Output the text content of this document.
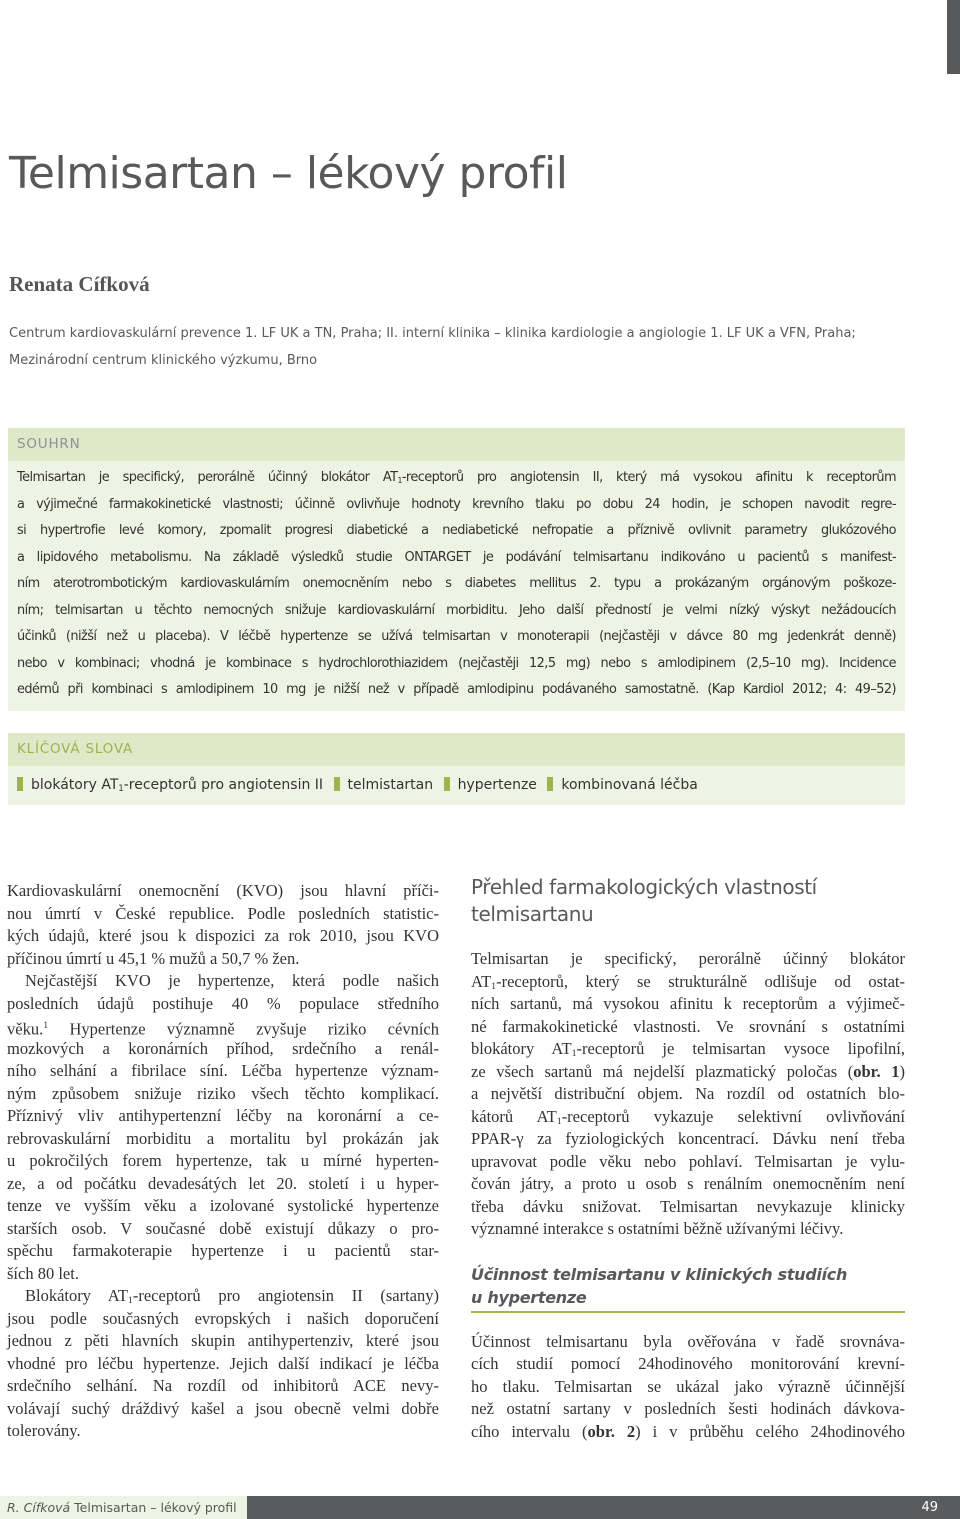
Telmisartan – lékový profil
Renata Cífková
Centrum kardiovaskulární prevence 1. LF UK a TN, Praha; II. interní klinika – klinika kardiologie a angiologie 1. LF UK a VFN, Praha;
Mezinárodní centrum klinického výzkumu, Brno
SOUHRN
Telmisartan je specifický, perorálně účinný blokátor $AT_1$-receptorů pro angiotensin II, který má vysokou afinitu k receptorům
a výjimečné farmakokinetické vlastnosti; účinně ovlivňuje hodnoty krevního tlaku po dobu 24 hodin, je schopen navodit regre-
si hypertrofie levé komory, zpomalit progresi diabetické a nediabetické nefropatie a příznivě ovlivnit parametry glukózového
a lipidového metabolismu. Na základě výsledků studie ONTARGET je podávání telmisartanu indikováno u pacientů s manifest-
ním aterotrombotickým kardiovaskulárním onemocněním nebo s diabetes mellitus 2. typu a prokázaným orgánovým poškoze-
ním; telmisartan u těchto nemocných snižuje kardiovaskulární morbiditu. Jeho další předností je velmi nízký výskyt nežádoucích
účinků (nižší než u placeba). V léčbě hypertenze se užívá telmisartan v monoterapii (nejčastěji v dávce 80 mg jedenkrát denně)
nebo v kombinaci; vhodná je kombinace s hydrochlorothiazidem (nejčastěji 12,5 mg) nebo s amlodipinem (2,5–10 mg). Incidence
edémů při kombinaci s amlodipinem 10 mg je nižší než v případě amlodipinu podávaného samostatně. (Kap Kardiol 2012; 4: 49–52)
KLÍČOVÁ SLOVA
blokátory $AT_1$-receptorů pro angiotensin II telmistartan hypertenze kombinovaná léčba
Kardiovaskulární onemocnění (KVO) jsou hlavní příči-
nou úmrtí v České republice. Podle posledních statistic-
kých údajů, které jsou k dispozici za rok 2010, jsou KVO
příčinou úmrtí u 45,1 % mužů a 50,7 % žen.
Nejčastější KVO je hypertenze, která podle našich
posledních údajů postihuje 40 % populace středního
věku.$^1$ Hypertenze významně zvyšuje riziko cévních
mozkových a koronárních příhod, srdečního a renál-
ního selhání a fibrilace síní. Léčba hypertenze význam-
ným způsobem snižuje riziko všech těchto komplikací.
Příznivý vliv antihypertenzní léčby na koronární a ce-
rebrovaskulární morbiditu a mortalitu byl prokázán jak
u pokročilých forem hypertenze, tak u mírné hyperten-
ze, a od počátku devadesátých let 20. století i u hyper-
tenze ve vyšším věku a izolované systolické hypertenze
starších osob. V současné době existují důkazy o pro-
spěchu farmakoterapie hypertenze i u pacientů star-
ších 80 let.
Blokátory $AT_1$-receptorů pro angiotensin II (sartany)
jsou podle současných evropských i našich doporučení
jednou z pěti hlavních skupin antihypertenziv, které jsou
vhodné pro léčbu hypertenze. Jejich další indikací je léčba
srdečního selhání. Na rozdíl od inhibitorů ACE nevy-
volávají suchý dráždivý kašel a jsou obecně velmi dobře
tolerovány.
Přehled farmakologických vlastností
telmisartanu
Telmisartan je specifický, perorálně účinný blokátor
$AT_1$-receptorů, který se strukturálně odlišuje od ostat-
ních sartanů, má vysokou afinitu k receptorům a výjimeč-
né farmakokinetické vlastnosti. Ve srovnání s ostatními
blokátory $AT_1$-receptorů je telmisartan vysoce lipofilní,
ze všech sartanů má nejdelší plazmatický poločas (obr. 1)
a největší distribuční objem. Na rozdíl od ostatních blo-
kátorů $AT_1$-receptorů vykazuje selektivní ovlivňování
PPAR-γ za fyziologických koncentrací. Dávku není třeba
upravovat podle věku nebo pohlaví. Telmisartan je vylu-
čován játry, a proto u osob s renálním onemocněním není
třeba dávku snižovat. Telmisartan nevykazuje klinicky
významné interakce s ostatními běžně užívanými léčivy.
Účinnost telmisartanu v klinických studiích
u hypertenze
Účinnost telmisartanu byla ověřována v řadě srovnáva-
cích studií pomocí 24hodinového monitorování krevní-
ho tlaku. Telmisartan se ukázal jako výrazně účinnější
než ostatní sartany v posledních šesti hodinách dávkova-
cího intervalu (obr. 2) i v průběhu celého 24hodinového
R. Cífková Telmisartan – lékový profil	49
